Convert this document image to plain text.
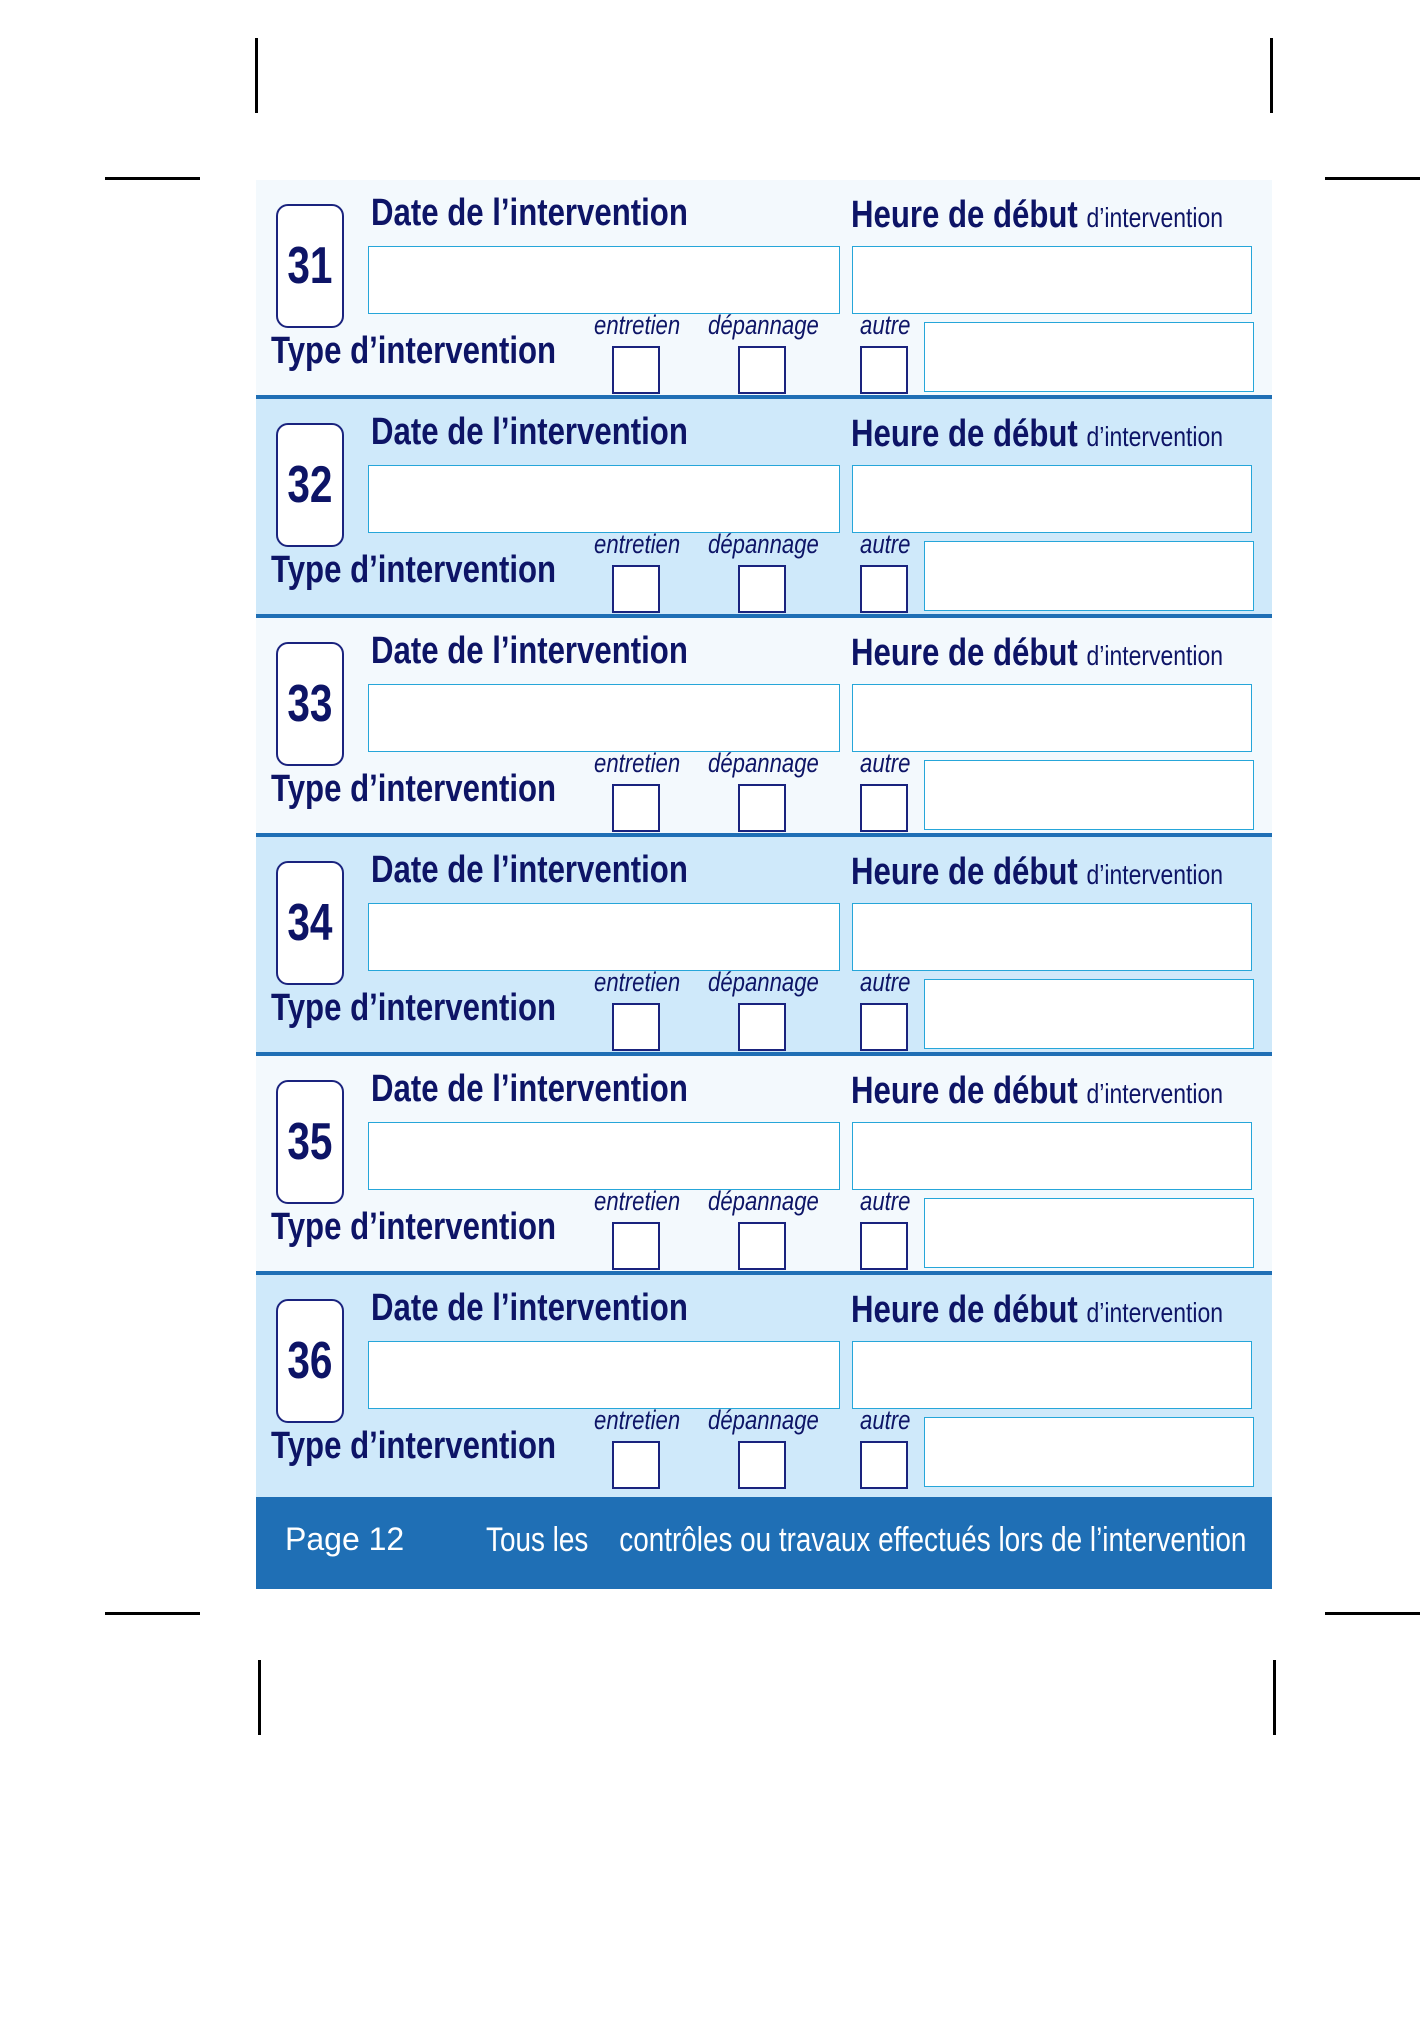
31
Date de l’intervention	Heure de début d’intervention
Type d’intervention
entretien dépannage autre
32
Date de l’intervention	Heure de début d’intervention
Type d’intervention
entretien dépannage autre
33
Date de l’intervention	Heure de début d’intervention
Type d’intervention
entretien dépannage autre
34
Date de l’intervention	Heure de début d’intervention
Type d’intervention
entretien dépannage autre
35
Date de l’intervention	Heure de début d’intervention
Type d’intervention
entretien dépannage autre
36
Date de l’intervention	Heure de début d’intervention
Type d’intervention
entretien dépannage autre
Page 12 Tous les    contrôles ou travaux effectués lors de l’intervention
